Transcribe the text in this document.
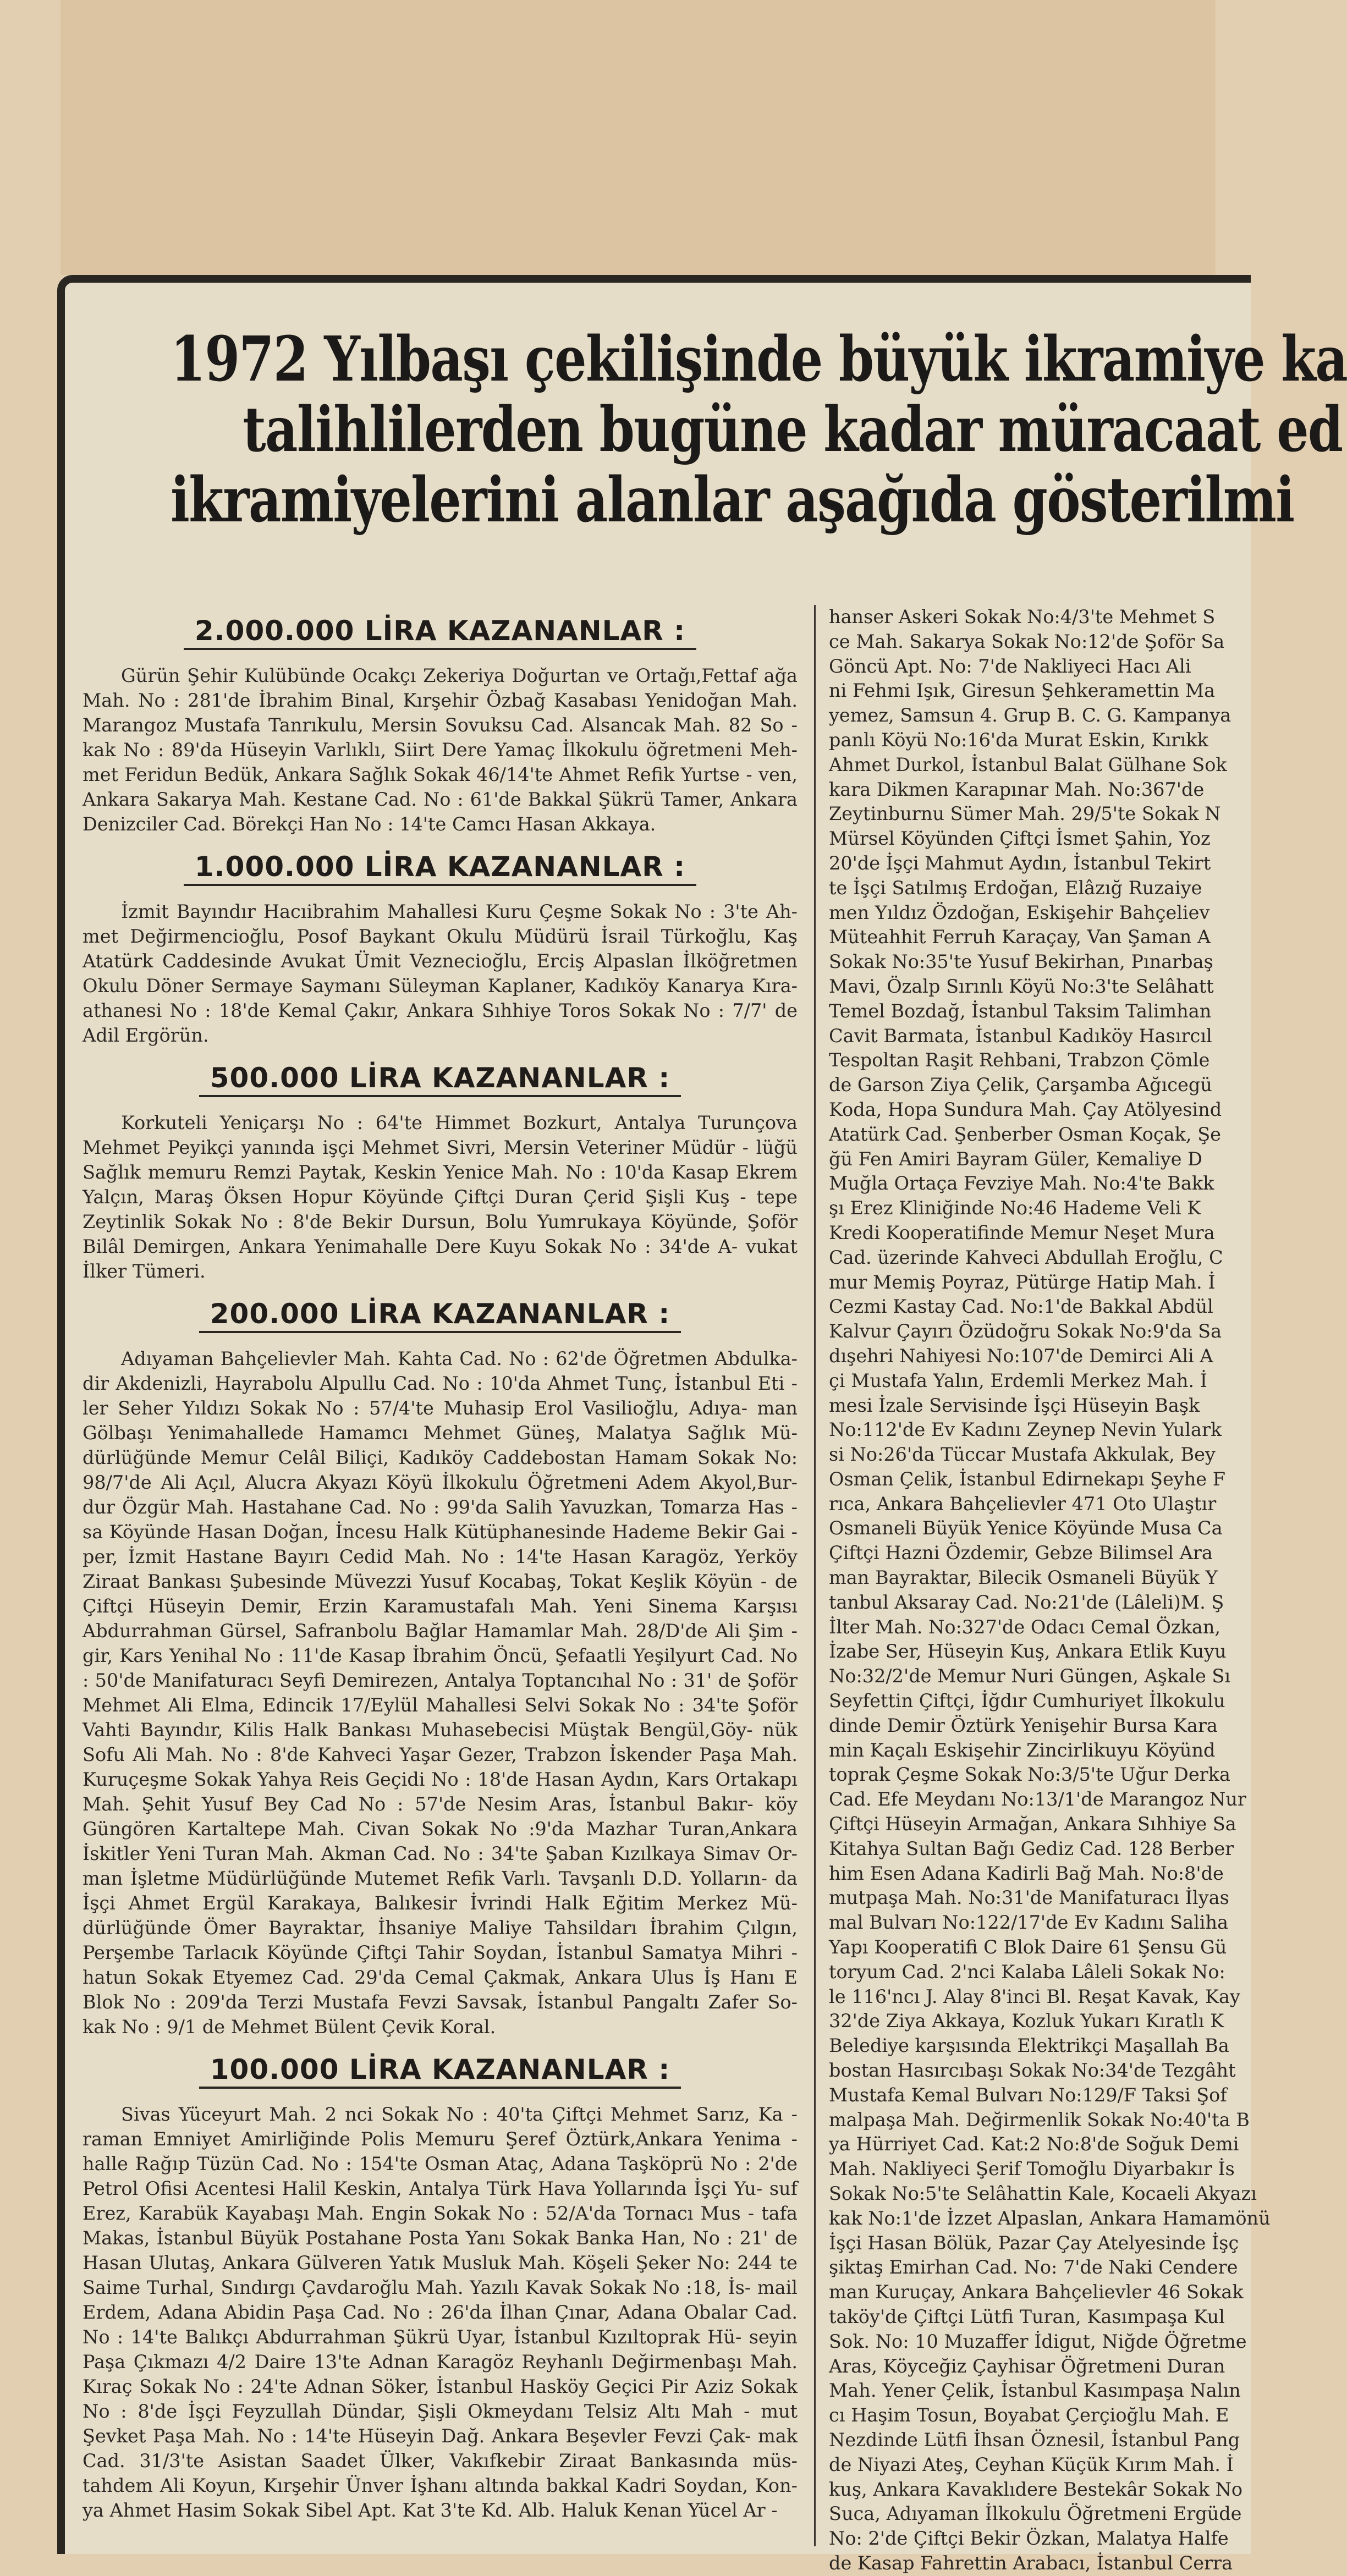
1972 Yılbaşı çekilişinde büyük ikramiye ka
talihlilerden bugüne kadar müracaat ed
ikramiyelerini alanlar aşağıda gösterilmi
2.000.000 LİRA KAZANANLAR :

Gürün Şehir Kulübünde Ocakçı Zekeriya Doğurtan ve Ortağı,Fettaf ağa Mah. No : 281'de İbrahim Binal, Kırşehir Özbağ Kasabası Yenidoğan Mah. Marangoz Mustafa Tanrıkulu, Mersin Sovuksu Cad. Alsancak Mah. 82 So - kak No : 89'da Hüseyin Varlıklı, Siirt Dere Yamaç İlkokulu öğretmeni Meh- met Feridun Bedük, Ankara Sağlık Sokak 46/14'te Ahmet Refik Yurtse - ven, Ankara Sakarya Mah. Kestane Cad. No : 61'de Bakkal Şükrü Tamer, Ankara Denizciler Cad. Börekçi Han No : 14'te Camcı Hasan Akkaya.

1.000.000 LİRA KAZANANLAR :

İzmit Bayındır Hacıibrahim Mahallesi Kuru Çeşme Sokak No : 3'te Ah- met Değirmencioğlu, Posof Baykant Okulu Müdürü İsrail Türkoğlu, Kaş Atatürk Caddesinde Avukat Ümit Veznecioğlu, Erciş Alpaslan İlköğretmen Okulu Döner Sermaye Saymanı Süleyman Kaplaner, Kadıköy Kanarya Kıra- athanesi No : 18'de Kemal Çakır, Ankara Sıhhiye Toros Sokak No : 7/7' de Adil Ergörün.

500.000 LİRA KAZANANLAR :

Korkuteli Yeniçarşı No : 64'te Himmet Bozkurt, Antalya Turunçova Mehmet Peyikçi yanında işçi Mehmet Sivri, Mersin Veteriner Müdür - lüğü Sağlık memuru Remzi Paytak, Keskin Yenice Mah. No : 10'da Kasap Ekrem Yalçın, Maraş Öksen Hopur Köyünde Çiftçi Duran Çerid Şişli Kuş - tepe Zeytinlik Sokak No : 8'de Bekir Dursun, Bolu Yumrukaya Köyünde, Şoför Bilâl Demirgen, Ankara Yenimahalle Dere Kuyu Sokak No : 34'de A- vukat İlker Tümeri.

200.000 LİRA KAZANANLAR :

Adıyaman Bahçelievler Mah. Kahta Cad. No : 62'de Öğretmen Abdulka- dir Akdenizli, Hayrabolu Alpullu Cad. No : 10'da Ahmet Tunç, İstanbul Eti - ler Seher Yıldızı Sokak No : 57/4'te Muhasip Erol Vasilioğlu, Adıya- man Gölbaşı Yenimahallede Hamamcı Mehmet Güneş, Malatya Sağlık Mü- dürlüğünde Memur Celâl Biliçi, Kadıköy Caddebostan Hamam Sokak No: 98/7'de Ali Açıl, Alucra Akyazı Köyü İlkokulu Öğretmeni Adem Akyol,Bur- dur Özgür Mah. Hastahane Cad. No : 99'da Salih Yavuzkan, Tomarza Has - sa Köyünde Hasan Doğan, İncesu Halk Kütüphanesinde Hademe Bekir Gai - per, İzmit Hastane Bayırı Cedid Mah. No : 14'te Hasan Karagöz, Yerköy Ziraat Bankası Şubesinde Müvezzi Yusuf Kocabaş, Tokat Keşlik Köyün - de Çiftçi Hüseyin Demir, Erzin Karamustafalı Mah. Yeni Sinema Karşısı Abdurrahman Gürsel, Safranbolu Bağlar Hamamlar Mah. 28/D'de Ali Şim - gir, Kars Yenihal No : 11'de Kasap İbrahim Öncü, Şefaatli Yeşilyurt Cad. No : 50'de Manifaturacı Seyfi Demirezen, Antalya Toptancıhal No : 31' de Şoför Mehmet Ali Elma, Edincik 17/Eylül Mahallesi Selvi Sokak No : 34'te Şoför Vahti Bayındır, Kilis Halk Bankası Muhasebecisi Müştak Bengül,Göy- nük Sofu Ali Mah. No : 8'de Kahveci Yaşar Gezer, Trabzon İskender Paşa Mah. Kuruçeşme Sokak Yahya Reis Geçidi No : 18'de Hasan Aydın, Kars Ortakapı Mah. Şehit Yusuf Bey Cad No : 57'de Nesim Aras, İstanbul Bakır- köy Güngören Kartaltepe Mah. Civan Sokak No :9'da Mazhar Turan,Ankara İskitler Yeni Turan Mah. Akman Cad. No : 34'te Şaban Kızılkaya Simav Or- man İşletme Müdürlüğünde Mutemet Refik Varlı. Tavşanlı D.D. Yolların- da İşçi Ahmet Ergül Karakaya, Balıkesir İvrindi Halk Eğitim Merkez Mü- dürlüğünde Ömer Bayraktar, İhsaniye Maliye Tahsildarı İbrahim Çılgın, Perşembe Tarlacık Köyünde Çiftçi Tahir Soydan, İstanbul Samatya Mihri - hatun Sokak Etyemez Cad. 29'da Cemal Çakmak, Ankara Ulus İş Hanı E Blok No : 209'da Terzi Mustafa Fevzi Savsak, İstanbul Pangaltı Zafer So- kak No : 9/1 de Mehmet Bülent Çevik Koral.

100.000 LİRA KAZANANLAR :

Sivas Yüceyurt Mah. 2 nci Sokak No : 40'ta Çiftçi Mehmet Sarız, Ka - raman Emniyet Amirliğinde Polis Memuru Şeref Öztürk,Ankara Yenima - halle Rağıp Tüzün Cad. No : 154'te Osman Ataç, Adana Taşköprü No : 2'de Petrol Ofisi Acentesi Halil Keskin, Antalya Türk Hava Yollarında İşçi Yu- suf Erez, Karabük Kayabaşı Mah. Engin Sokak No : 52/A'da Tornacı Mus - tafa Makas, İstanbul Büyük Postahane Posta Yanı Sokak Banka Han, No : 21' de Hasan Ulutaş, Ankara Gülveren Yatık Musluk Mah. Köşeli Şeker No: 244 te Saime Turhal, Sındırgı Çavdaroğlu Mah. Yazılı Kavak Sokak No :18, İs- mail Erdem, Adana Abidin Paşa Cad. No : 26'da İlhan Çınar, Adana Obalar Cad. No : 14'te Balıkçı Abdurrahman Şükrü Uyar, İstanbul Kızıltoprak Hü- seyin Paşa Çıkmazı 4/2 Daire 13'te Adnan Karagöz Reyhanlı Değirmenbaşı Mah. Kıraç Sokak No : 24'te Adnan Söker, İstanbul Hasköy Geçici Pir Aziz Sokak No : 8'de İşçi Feyzullah Dündar, Şişli Okmeydanı Telsiz Altı Mah - mut Şevket Paşa Mah. No : 14'te Hüseyin Dağ. Ankara Beşevler Fevzi Çak- mak Cad. 31/3'te Asistan Saadet Ülker, Vakıfkebir Ziraat Bankasında müs- tahdem Ali Koyun, Kırşehir Ünver İşhanı altında bakkal Kadri Soydan, Kon- ya Ahmet Hasim Sokak Sibel Apt. Kat 3'te Kd. Alb. Haluk Kenan Yücel Ar -

hanser Askeri Sokak No:4/3'te Mehmet S

ce Mah. Sakarya Sokak No:12'de Şoför Sa

Göncü Apt. No: 7'de Nakliyeci Hacı Ali

ni Fehmi Işık, Giresun Şehkeramettin Ma

yemez, Samsun 4. Grup B. C. G. Kampanya

panlı Köyü No:16'da Murat Eskin, Kırıkk

Ahmet Durkol, İstanbul Balat Gülhane Sok

kara Dikmen Karapınar Mah. No:367'de

Zeytinburnu Sümer Mah. 29/5'te Sokak N

Mürsel Köyünden Çiftçi İsmet Şahin, Yoz

20'de İşçi Mahmut Aydın, İstanbul Tekirt

te İşçi Satılmış Erdoğan, Elâzığ Ruzaiye

men Yıldız Özdoğan, Eskişehir Bahçeliev

Müteahhit Ferruh Karaçay, Van Şaman A

Sokak No:35'te Yusuf Bekirhan, Pınarbaş

Mavi, Özalp Sırınlı Köyü No:3'te Selâhatt

Temel Bozdağ, İstanbul Taksim Talimhan

Cavit Barmata, İstanbul Kadıköy Hasırcıl

Tespoltan Raşit Rehbani, Trabzon Çömle

de Garson Ziya Çelik, Çarşamba Ağıcegü

Koda, Hopa Sundura Mah. Çay Atölyesind

Atatürk Cad. Şenberber Osman Koçak, Şe

ğü Fen Amiri Bayram Güler, Kemaliye D

Muğla Ortaça Fevziye Mah. No:4'te Bakk

şı Erez Kliniğinde No:46 Hademe Veli K

Kredi Kooperatifinde Memur Neşet Mura

Cad. üzerinde Kahveci Abdullah Eroğlu, C

mur Memiş Poyraz, Pütürge Hatip Mah. İ

Cezmi Kastay Cad. No:1'de Bakkal Abdül

Kalvur Çayırı Özüdoğru Sokak No:9'da Sa

dışehri Nahiyesi No:107'de Demirci Ali A

çi Mustafa Yalın, Erdemli Merkez Mah. İ

mesi İzale Servisinde İşçi Hüseyin Başk

No:112'de Ev Kadını Zeynep Nevin Yulark

si No:26'da Tüccar Mustafa Akkulak, Bey

Osman Çelik, İstanbul Edirnekapı Şeyhe F

rıca, Ankara Bahçelievler 471 Oto Ulaştır

Osmaneli Büyük Yenice Köyünde Musa Ca

Çiftçi Hazni Özdemir, Gebze Bilimsel Ara

man Bayraktar, Bilecik Osmaneli Büyük Y

tanbul Aksaray Cad. No:21'de (Lâleli)M. Ş

İlter Mah. No:327'de Odacı Cemal Özkan,

İzabe Ser, Hüseyin Kuş, Ankara Etlik Kuyu

No:32/2'de Memur Nuri Güngen, Aşkale Sı

Seyfettin Çiftçi, İğdır Cumhuriyet İlkokulu

dinde Demir Öztürk Yenişehir Bursa Kara

min Kaçalı Eskişehir Zincirlikuyu Köyünd

toprak Çeşme Sokak No:3/5'te Uğur Derka

Cad. Efe Meydanı No:13/1'de Marangoz Nur

Çiftçi Hüseyin Armağan, Ankara Sıhhiye Sa

Kitahya Sultan Bağı Gediz Cad. 128 Berber

him Esen Adana Kadirli Bağ Mah. No:8'de

mutpaşa Mah. No:31'de Manifaturacı İlyas

mal Bulvarı No:122/17'de Ev Kadını Saliha

Yapı Kooperatifi C Blok Daire 61 Şensu Gü

toryum Cad. 2'nci Kalaba Lâleli Sokak No:

le 116'ncı J. Alay 8'inci Bl. Reşat Kavak, Kay

32'de Ziya Akkaya, Kozluk Yukarı Kıratlı K

Belediye karşısında Elektrikçi Maşallah Ba

bostan Hasırcıbaşı Sokak No:34'de Tezgâht

Mustafa Kemal Bulvarı No:129/F Taksi Şof

malpaşa Mah. Değirmenlik Sokak No:40'ta B

ya Hürriyet Cad. Kat:2 No:8'de Soğuk Demi

Mah. Nakliyeci Şerif Tomoğlu Diyarbakır İs

Sokak No:5'te Selâhattin Kale, Kocaeli Akyazı

kak No:1'de İzzet Alpaslan, Ankara Hamamönü

İşçi Hasan Bölük, Pazar Çay Atelyesinde İşç

şiktaş Emirhan Cad. No: 7'de Naki Cendere

man Kuruçay, Ankara Bahçelievler 46 Sokak

taköy'de Çiftçi Lütfi Turan, Kasımpaşa Kul

Sok. No: 10 Muzaffer İdigut, Niğde Öğretme

Aras, Köyceğiz Çayhisar Öğretmeni Duran

Mah. Yener Çelik, İstanbul Kasımpaşa Nalın

cı Haşim Tosun, Boyabat Çerçioğlu Mah. E

Nezdinde Lütfi İhsan Öznesil, İstanbul Pang

de Niyazi Ateş, Ceyhan Küçük Kırım Mah. İ

kuş, Ankara Kavaklıdere Bestekâr Sokak No

Suca, Adıyaman İlkokulu Öğretmeni Ergüde

No: 2'de Çiftçi Bekir Özkan, Malatya Halfe

de Kasap Fahrettin Arabacı, İstanbul Cerra
